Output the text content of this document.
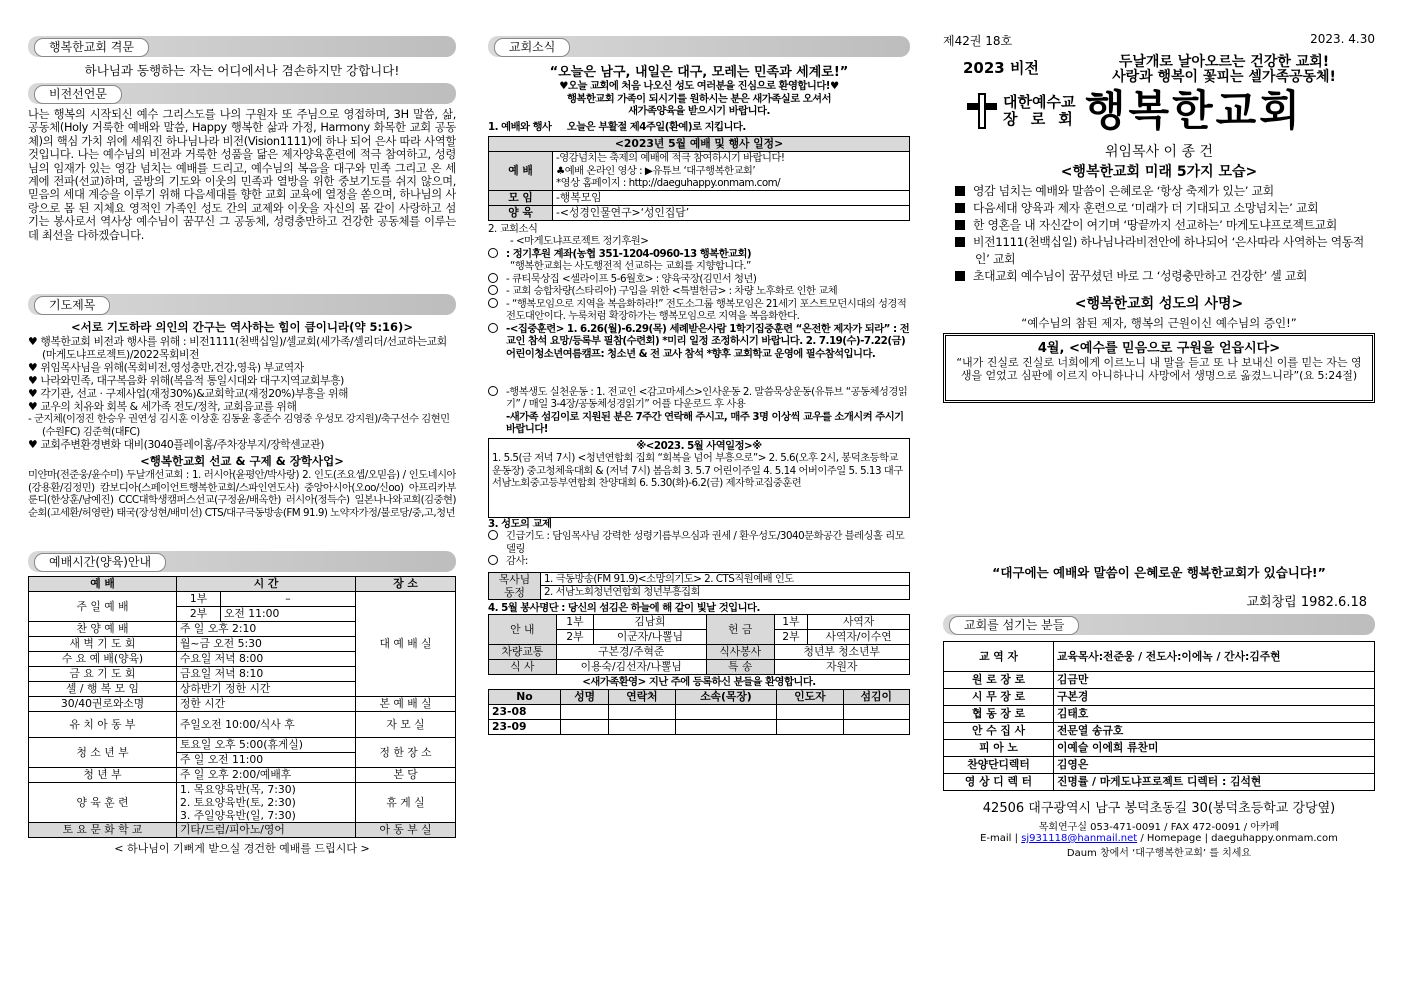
행복한교회 격문
하나님과 동행하는 자는 어디에서나 겸손하지만 강합니다!
비전선언문
나는 행복의 시작되신 예수 그리스도를 나의 구원자 또 주님으로 영접하며, 3H 말씀, 삶, 공동체(Holy 거룩한 예배와 말씀, Happy 행복한 삶과 가정, Harmony 화목한 교회 공동체)의 핵심 가치 위에 세워진 하나님나라 비전(Vision1111)에 하나 되어 은사 따라 사역할 것입니다. 나는 예수님의 비전과 거룩한 성품을 닮은 제자양육훈련에 적극 참여하고, 성령님의 임재가 있는 영감 넘치는 예배를 드리고, 예수님의 복음을 대구와 민족 그리고 온 세계에 전파(선교)하며, 골방의 기도와 이웃의 민족과 열방을 위한 중보기도를 쉬지 않으며, 믿음의 세대 계승을 이루기 위해 다음세대를 향한 교회 교육에 열정을 쏟으며, 하나님의 사랑으로 몸 된 지체요 영적인 가족인 성도 간의 교제와 이웃을 자신의 몸 같이 사랑하고 섬기는 봉사로서 역사상 예수님이 꿈꾸신 그 공동체, 성령충만하고 건강한 공동체를 이루는데 최선을 다하겠습니다.
기도제목
<서로 기도하라 의인의 간구는 역사하는 힘이 큼이니라(약 5:16)>
♥ 행복한교회 비전과 행사를 위해 : 비전1111(천백십일)/셀교회(세가족/셀리더/선교하는교회(마게도냐프로젝트)/2022목회비전
♥ 위임목사님을 위해(목회비전,영성충만,건강,영육) 부교역자
♥ 나라와민족, 대구복음화 위해(복음적 통일시대와 대구지역교회부흥)
♥ 각기관, 선교 · 구제사업(재정30%)&교회학교(재정20%)부흥을 위해
♥ 교우의 치유와 회복 & 세가족 전도/정착, 교회음교를 위해
- 군지체(이정진 한승우 권연성 김시훈 이상훈 김동윤 홍준수 김영중 우성모 강지원)/축구선수 김현민(수원FC) 김준혁(대FC)
♥ 교회주변환경변화 대비(3040플레이홈/주차장부지/장학센교관)
<행복한교회 선교 & 구제 & 장학사업>
미얀마(전준웅/윤수미) 두날개선교회 : 1. 러시아(윤평안/박사랑) 2. 인도(조요셉/오믿음) / 인도네시아(강용환/김정민) 캄보디아(스페이언트행복한교회/스파인연도사) 중앙아시아(오oo/신oo) 아프리카부룬디(한상훈/남예진) CCC대학생캠퍼스선교(구정윤/배옥한) 러시아(정득수) 일본나나와교회(김중현) 순회(고세환/허영란) 태국(장성현/배미선) CTS/대구극동방송(FM 91.9) 노약자가정/불로당/중,고,청년
예배시간(양육)안내
예 배	시 간		장 소
주 일 예 배	1부	–	대 예 배 실
	2부	오전 11:00	
찬 양 예 배	주 일 오후 2:10		
새 벽 기 도 회	월~금 오전 5:30		
수 요 예 배(양육)	수요일 저녁 8:00		
금 요 기 도 회	금요일 저녁 8:10		
셀 / 행 복 모 임	상하반기 정한 시간		
30/40권로와소명	정한 시간		본 예 배 실
유 치 아 동 부	주일오전 10:00/식사 후		자 모 실
청 소 년 부	토요일 오후 5:00(휴게실)		정 한 장 소
	주 일 오전 11:00		
청 년 부	주 일 오후 2:00/예배후		본 당
양 육 훈 련	1. 목요양육반(목, 7:30)
2. 토요양육반(토, 2:30)
3. 주일양육반(일, 7:30)		휴 게 실
토 요 문 화 학 교	기타/드럼/피아노/영어		아 동 부 실
< 하나님이 기뻐게 받으실 경건한 예배를 드립시다 >
교회소식
“오늘은 남구, 내일은 대구, 모레는 민족과 세계로!”
♥오늘 교회에 처음 나오신 성도 여러분을 진심으로 환영합니다!♥
행복한교회 가족이 되시기를 원하시는 분은 새가족실로 오셔서
새가족양육을 받으시기 바랍니다.
1. 예배와 행사     오늘은 부활절 제4주일(환예)로 지킵니다.
<2023년 5월 예배 및 행사 일정>	
예 배	-영감넘치는 축제의 예배에 적극 참여하시기 바랍니다!
♣예배 온라인 영상 : ▶유튜브 ‘대구행복한교회’
*영상 홈페이지 : http://daeguhappy.onmam.com/

모 임	-행복모임
양 육	-<성경인물연구>‘성인집담’
2. 교회소식
- <마게도냐프로젝트 정기후원>
: 정기후원 계좌(농협 351-1204-0960-13 행복한교회)
“행복한교회는 사도행전적 선교하는 교회를 지향합니다.”
- 큐티묵상집 <셀라이프 5-6월호> : 양육국장(김민서 청년)
- 교회 승합차량(스타리아) 구입을 위한 <특별헌금> : 차량 노후화로 인한 교체
- “행복모임으로 지역을 복음화하라!” 전도소그룹 행복모임은 21세기 포스트모던시대의 성경적전도대안이다. 누룩처럼 확장하가는 행복모임으로 지역을 복음화한다.
-<집중훈련> 1. 6.26(월)-6.29(목) 세례받은사람 1학기집중훈련 “온전한 제자가 되라” : 전교인 참석 요망/등록부 필참(수련회) *미리 일정 조정하시기 바랍니다. 2. 7.19(수)-7.22(금) 어린이청소년여름캠프: 청소년 & 전 교사 참석 *향후 교회학교 운영에 필수참석입니다.
-행복생도 실천운동 : 1. 전교인 <감고마세스>인사운동 2. 말씀묵상운동(유튜브 “공동체성경읽기” / 매일 3-4장/공동체성경읽기” 어플 다운로드 후 사용
-새가족 섬김이로 지원된 분은 7주간 연락해 주시고, 매주 3명 이상씩 교우를 소개시켜 주시기 바랍니다!
※<2023. 5월 사역일정>※
1. 5.5(금 저녁 7시) <청년연합회 집회 “회복을 넘어 부흥으로”> 2. 5.6(오후 2시, 봉덕초등학교 운동장) 중고청체육대회 & (저녁 7시) 봄음회 3. 5.7 어린이주일 4. 5.14 어버이주일 5. 5.13 대구서남노회중고등부연합회 찬양대회 6. 5.30(화)-6.2(금) 제자학교집중훈련
3. 성도의 교제
긴급기도 : 담임목사님 강력한 성령기름부으심과 권세 / 환우성도/3040문화공간 블레싱홀 리모델링
감사:
목사님 동정	1. 극동방송(FM 91.9)<소망의기도> 2. CTS직원예배 인도
2. 서남노회청년연합회 청년부흥집회
4. 5월 봉사명단 : 당신의 섬김은 하늘에 해 같이 빛날 것입니다.
안 내	1부	김남희	헌 금	1부	사역자
	2부	이군자/나뽈님		2부	사역자/이수연
차량교통	구본경/주혁준		식사봉사	청년부 청소년부	
식 사	이용숙/김선자/나뽈님		특 송	자원자	
<새가족환영> 지난 주에 등록하신 분들을 환영합니다.
No	성명	연락처	소속(목장)	인도자	섬김이
23-08					
23-09					
제42권 18호	2023. 4.30
2023 비전	두날개로 날아오르는 건강한 교회!
사랑과 행복이 꽃피는 셀가족공동체!
대한예수교
장 로 회 행복한교회
위임목사 이 종 건
<행복한교회 미래 5가지 모습>
영감 넘치는 예배와 말씀이 은혜로운 ‘항상 축제가 있는’ 교회
다음세대 양육과 제자 훈련으로 ‘미래가 더 기대되고 소망넘치는’ 교회
한 영혼을 내 자신같이 여기며 ‘땅끝까지 선교하는’ 마게도냐프로젝트교회
비전1111(천백십일) 하나님나라비전안에 하나되어 ‘은사따라 사역하는 역동적인’ 교회
초대교회 예수님이 꿈꾸셨던 바로 그 ‘성령충만하고 건강한’ 셀 교회
<행복한교회 성도의 사명>
“예수님의 참된 제자, 행복의 근원이신 예수님의 증인!”
4월, <예수를 믿음으로 구원을 얻읍시다>
“내가 진실로 진실로 너희에게 이르노니 내 말을 듣고 또 나 보내신 이를 믿는 자는 영생을 얻었고 심판에 이르지 아니하나니 사망에서 생명으로 옮겼느니라”(요 5:24절)
“대구에는 예배와 말씀이 은혜로운 행복한교회가 있습니다!”
교회창립 1982.6.18
교회를 섬기는 분들
교 역 자	교육목사:전준웅 / 전도사:이에녹 / 간사:김주현
원 로 장 로	김금만
시 무 장 로	구본경
협 동 장 로	김태호
안 수 집 사	전문열 송규호
피 아 노	이예슬 이에희 류찬미
찬양단디렉터	김영은
영 상 디 렉 터	진명률 / 마게도냐프로젝트 디렉터 : 김석현
42506 대구광역시 남구 봉덕초동길 30(봉덕초등학교 강당옆)
목회연구실 053-471-0091 / FAX 472-0091 / 아카페
E-mail | sj931118@hanmail.net / Homepage | daeguhappy.onmam.com
Daum 창에서 ‘대구행복한교회’ 를 치세요
